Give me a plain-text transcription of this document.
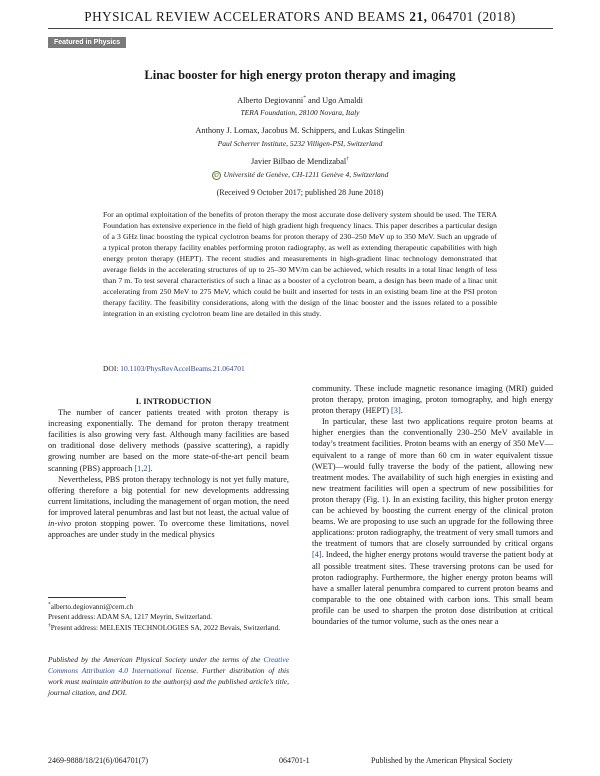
PHYSICAL REVIEW ACCELERATORS AND BEAMS 21, 064701 (2018)
Featured in Physics
Linac booster for high energy proton therapy and imaging
Alberto Degiovanni* and Ugo Amaldi
TERA Foundation, 28100 Novara, Italy
Anthony J. Lomax, Jacobus M. Schippers, and Lukas Stingelin
Paul Scherrer Institute, 5232 Villigen-PSI, Switzerland
Javier Bilbao de Mendizabal†
iD Université de Genève, CH-1211 Genève 4, Switzerland
(Received 9 October 2017; published 28 June 2018)

For an optimal exploitation of the benefits of proton therapy the most accurate dose delivery system should be used. The TERA Foundation has extensive experience in the field of high gradient high frequency linacs. This paper describes a particular design of a 3 GHz linac boosting the typical cyclotron beams for proton therapy of 230–250 MeV up to 350 MeV. Such an upgrade of a typical proton therapy facility enables performing proton radiography, as well as extending therapeutic capabilities with high energy proton therapy (HEPT). The recent studies and measurements in high-gradient linac technology demonstrated that average fields in the accelerating structures of up to 25–30 MV/m can be achieved, which results in a total linac length of less than 7 m. To test several characteristics of such a linac as a booster of a cyclotron beam, a design has been made of a linac unit accelerating from 250 MeV to 275 MeV, which could be built and inserted for tests in an existing beam line at the PSI proton therapy facility. The feasibility considerations, along with the design of the linac booster and the issues related to a possible integration in an existing cyclotron beam line are detailed in this study.

DOI: 10.1103/PhysRevAccelBeams.21.064701

I. INTRODUCTION

The number of cancer patients treated with proton therapy is increasing exponentially. The demand for proton therapy treatment facilities is also growing very fast. Although many facilities are based on traditional dose delivery methods (passive scattering), a rapidly growing number are based on the more state-of-the-art pencil beam scanning (PBS) approach [1,2].

Nevertheless, PBS proton therapy technology is not yet fully mature, offering therefore a big potential for new developments addressing current limitations, including the management of organ motion, the need for improved lateral penumbras and last but not least, the actual value of in-vivo proton stopping power. To overcome these limitations, novel approaches are under study in the medical physics

*alberto.degiovanni@cern.ch
Present address: ADAM SA, 1217 Meyrin, Switzerland.
†Present address: MELEXIS TECHNOLOGIES SA, 2022 Bevais, Switzerland.
Published by the American Physical Society under the terms of the Creative Commons Attribution 4.0 International license. Further distribution of this work must maintain attribution to the author(s) and the published article’s title, journal citation, and DOI.

community. These include magnetic resonance imaging (MRI) guided proton therapy, proton imaging, proton tomography, and high energy proton therapy (HEPT) [3].

In particular, these last two applications require proton beams at higher energies than the conventionally 230–250 MeV available in today’s treatment facilities. Proton beams with an energy of 350 MeV—equivalent to a range of more than 60 cm in water equivalent tissue (WET)—would fully traverse the body of the patient, allowing new treatment modes. The availability of such high energies in existing and new treatment facilities will open a spectrum of new possibilities for proton therapy (Fig. 1). In an existing facility, this higher proton energy can be achieved by boosting the current energy of the clinical proton beams. We are proposing to use such an upgrade for the following three applications: proton radiography, the treatment of very small tumors and the treatment of tumors that are closely surrounded by critical organs [4]. Indeed, the higher energy protons would traverse the patient body at all possible treatment sites. These traversing protons can be used for proton radiography. Furthermore, the higher energy proton beams will have a smaller lateral penumbra compared to current proton beams and comparable to the one obtained with carbon ions. This small beam profile can be used to sharpen the proton dose distribution at critical boundaries of the tumor volume, such as the ones near a

2469-9888/18/21(6)/064701(7)	064701-1	Published by the American Physical Society
